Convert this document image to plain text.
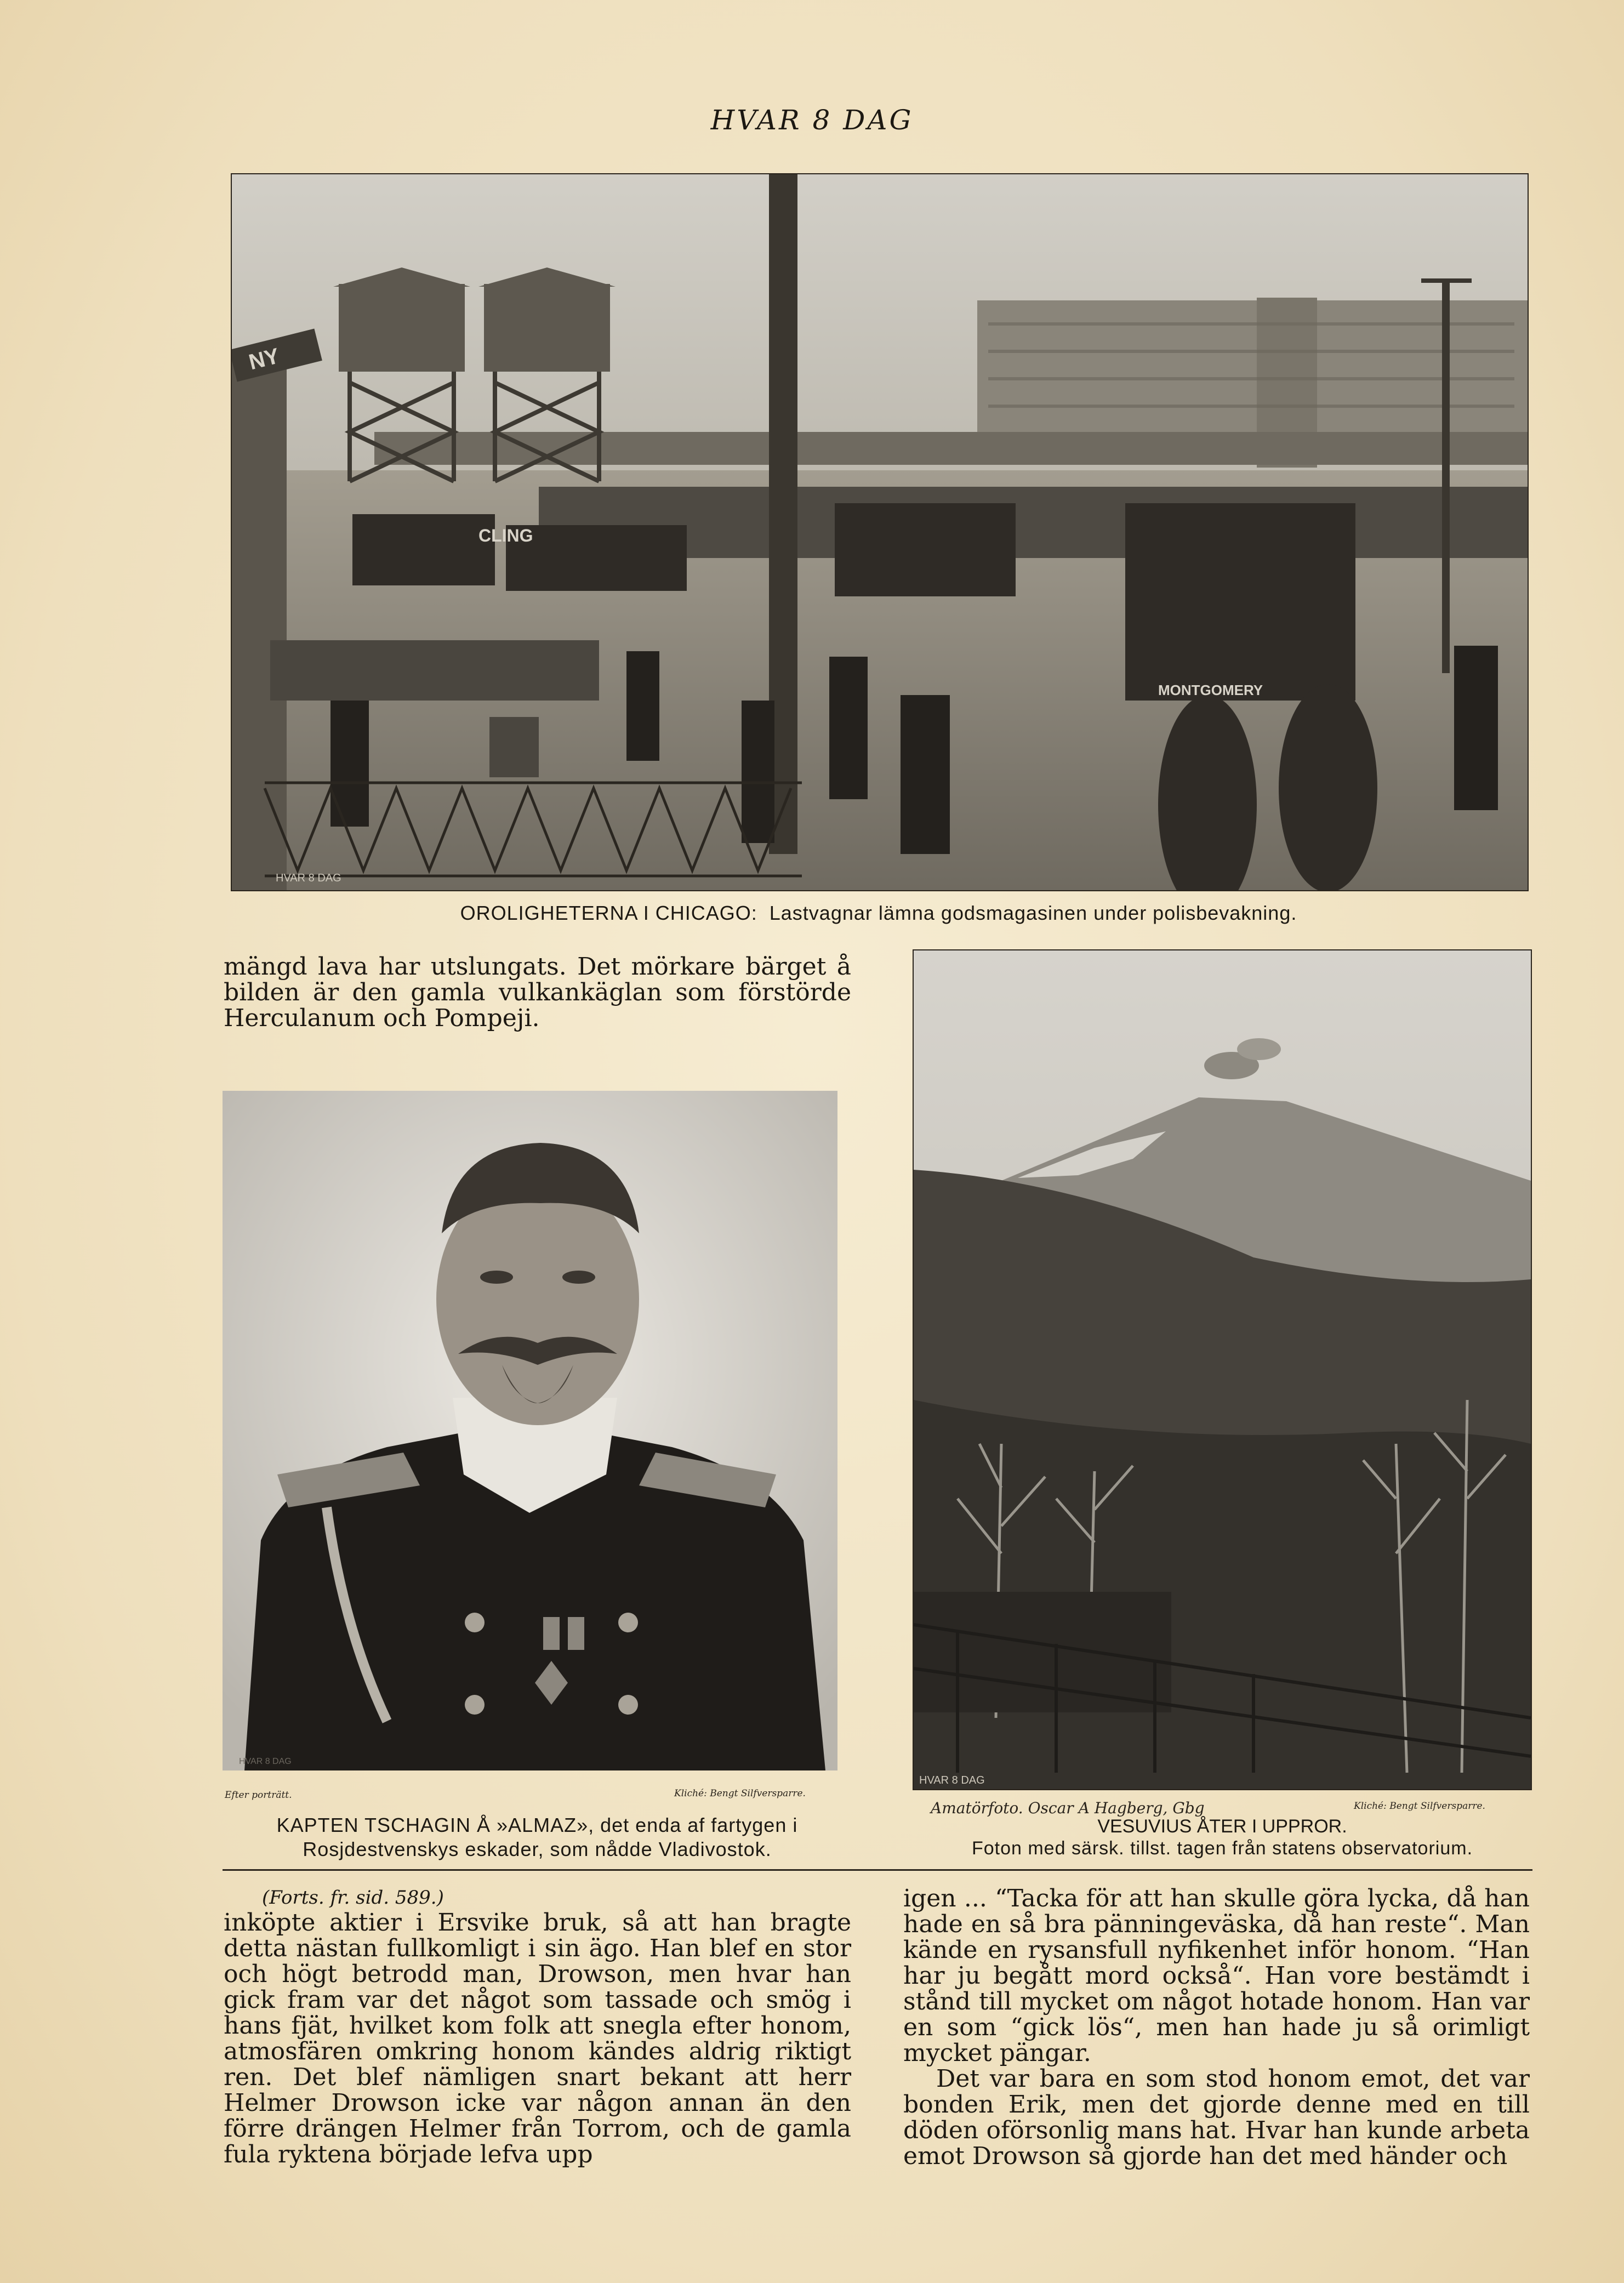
HVAR 8 DAG
NY
CLING
MONTGOMERY
HVAR 8 DAG
OROLIGHETERNA I CHICAGO: Lastvagnar lämna godsmagasinen under polisbevakning.
mängd lava har utslungats. Det mörkare bärget å bilden är den gamla vulkankäglan som förstörde Herculanum och Pompeji.
HVAR 8 DAG
Efter porträtt.	Kliché: Bengt Silfversparre.
KAPTEN TSCHAGIN Å »ALMAZ», det enda af fartygen i Rosjdestvenskys eskader, som nådde Vladivostok.
HVAR 8 DAG
Amatörfoto. Oscar A Hagberg, Gbg	Kliché: Bengt Silfversparre.
VESUVIUS ÅTER I UPPROR.
Foton med särsk. tillst. tagen från statens observatorium.

(Forts. fr. sid. 589.)

inköpte aktier i Ersvike bruk, så att han bragte detta nästan fullkomligt i sin ägo. Han blef en stor och högt betrodd man, Drowson, men hvar han gick fram var det något som tassade och smög i hans fjät, hvilket kom folk att snegla efter honom, atmosfären omkring honom kändes aldrig riktigt ren. Det blef nämligen snart bekant att herr Helmer Drowson icke var någon annan än den förre drängen Helmer från Torrom, och de gamla fula ryktena började lefva upp

igen ... “Tacka för att han skulle göra lycka, då han hade en så bra pänningeväska, då han reste“. Man kände en rysansfull nyfikenhet inför honom. “Han har ju begått mord också“. Han vore bestämdt i stånd till mycket om något hotade honom. Han var en som “gick lös“, men han hade ju så orimligt mycket pängar.

Det var bara en som stod honom emot, det var bonden Erik, men det gjorde denne med en till döden oförsonlig mans hat. Hvar han kunde arbeta emot Drowson så gjorde han det med händer och
